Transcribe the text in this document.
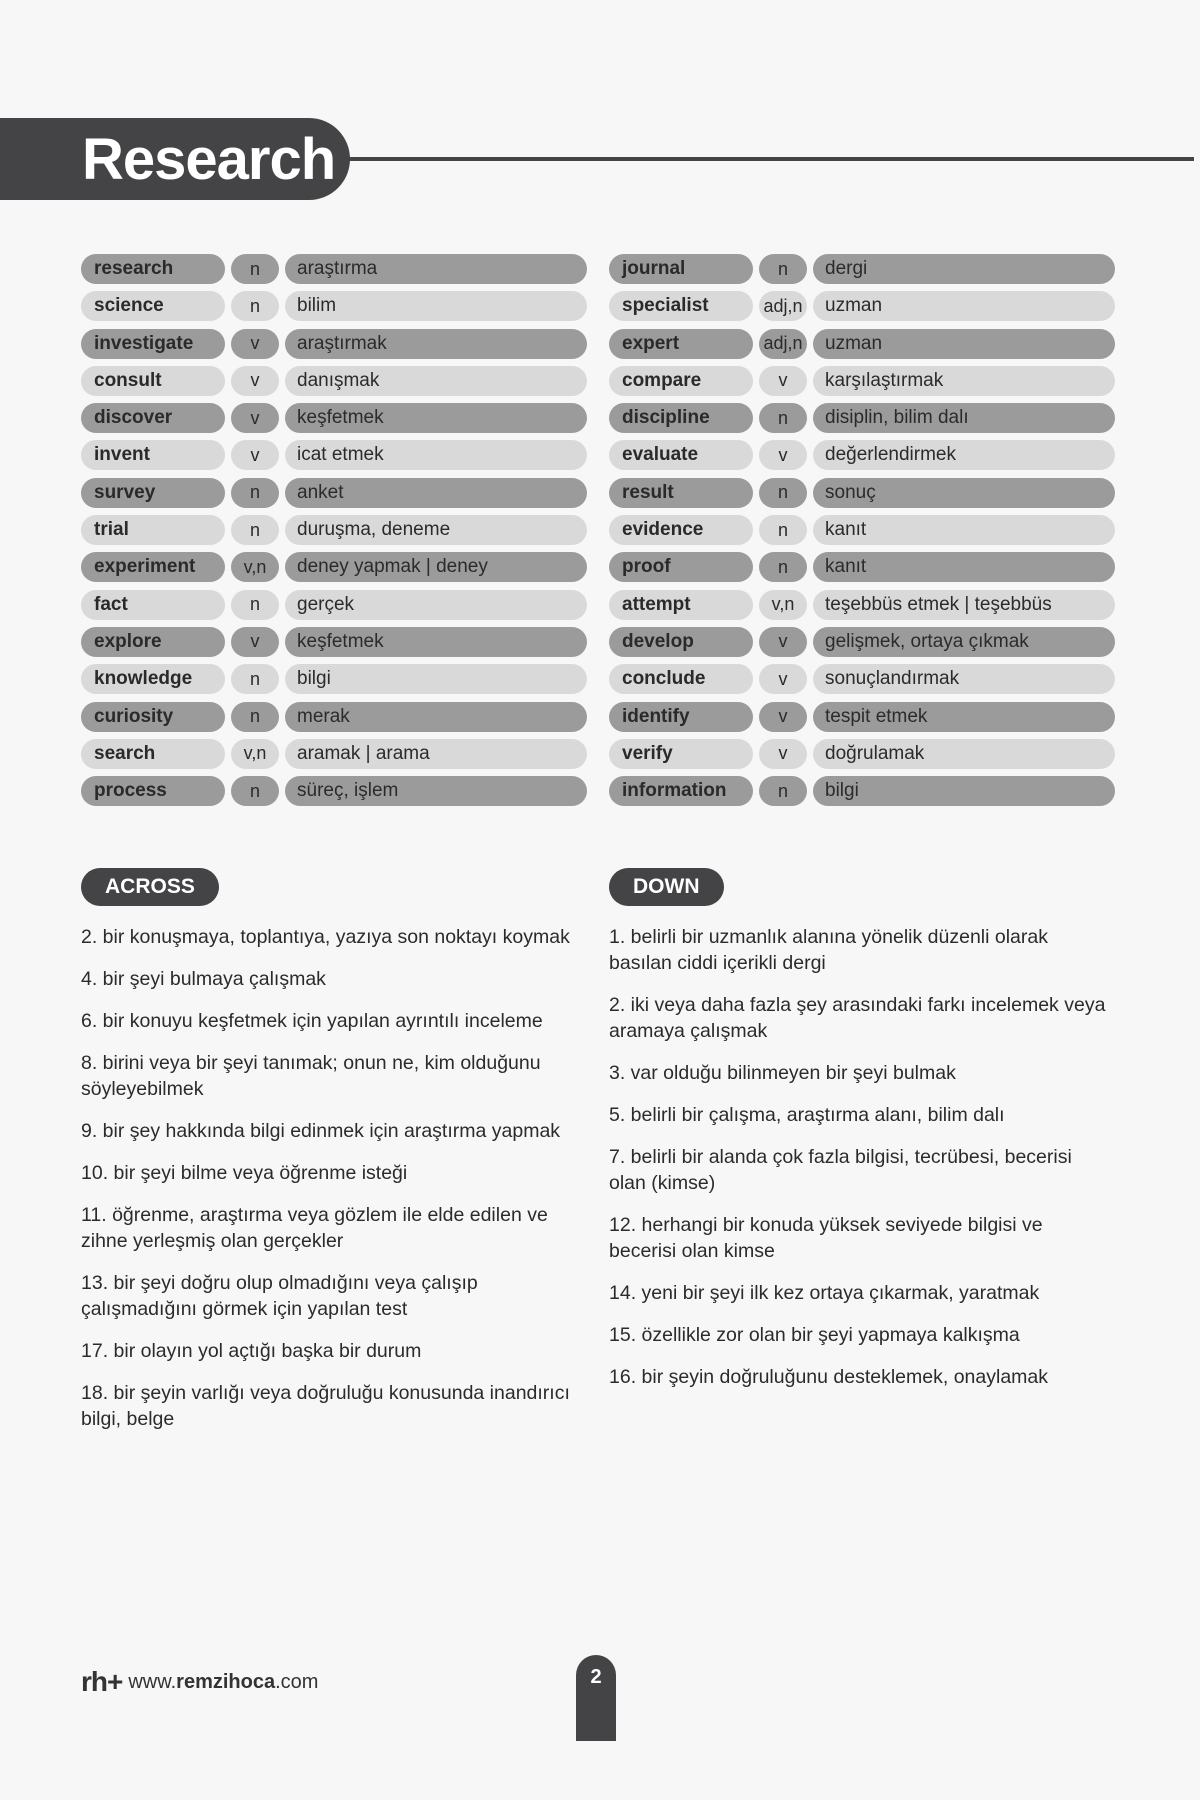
Research
research	n	araştırma
science	n	bilim
investigate	v	araştırmak
consult	v	danışmak
discover	v	keşfetmek
invent	v	icat etmek
survey	n	anket
trial	n	duruşma, deneme
experiment	v,n	deney yapmak | deney
fact	n	gerçek
explore	v	keşfetmek
knowledge	n	bilgi
curiosity	n	merak
search	v,n	aramak | arama
process	n	süreç, işlem
journal	n	dergi
specialist	adj,n	uzman
expert	adj,n	uzman
compare	v	karşılaştırmak
discipline	n	disiplin, bilim dalı
evaluate	v	değerlendirmek
result	n	sonuç
evidence	n	kanıt
proof	n	kanıt
attempt	v,n	teşebbüs etmek | teşebbüs
develop	v	gelişmek, ortaya çıkmak
conclude	v	sonuçlandırmak
identify	v	tespit etmek
verify	v	doğrulamak
information	n	bilgi
ACROSS
2. bir konuşmaya, toplantıya, yazıya son noktayı koymak
4. bir şeyi bulmaya çalışmak
6. bir konuyu keşfetmek için yapılan ayrıntılı inceleme
8. birini veya bir şeyi tanımak; onun ne, kim olduğunu söyleyebilmek
9. bir şey hakkında bilgi edinmek için araştırma yapmak
10. bir şeyi bilme veya öğrenme isteği
11. öğrenme, araştırma veya gözlem ile elde edilen ve zihne yerleşmiş olan gerçekler
13. bir şeyi doğru olup olmadığını veya çalışıp çalışmadığını görmek için yapılan test
17. bir olayın yol açtığı başka bir durum
18. bir şeyin varlığı veya doğruluğu konusunda inandırıcı bilgi, belge
DOWN
1. belirli bir uzmanlık alanına yönelik düzenli olarak basılan ciddi içerikli dergi
2. iki veya daha fazla şey arasındaki farkı incelemek veya aramaya çalışmak
3. var olduğu bilinmeyen bir şeyi bulmak
5. belirli bir çalışma, araştırma alanı, bilim dalı
7. belirli bir alanda çok fazla bilgisi, tecrübesi, becerisi olan (kimse)
12. herhangi bir konuda yüksek seviyede bilgisi ve becerisi olan kimse
14. yeni bir şeyi ilk kez ortaya çıkarmak, yaratmak
15. özellikle zor olan bir şeyi yapmaya kalkışma
16. bir şeyin doğruluğunu desteklemek, onaylamak
rh+ www.remzihoca.com	2
